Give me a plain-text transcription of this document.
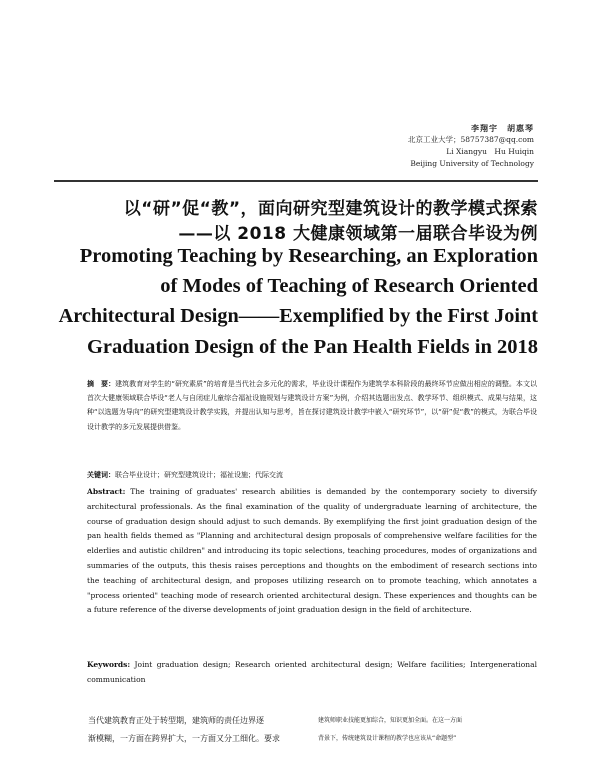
李翔宇　胡惠琴
北京工业大学；58757387@qq.com
Li Xiangyu　Hu Huiqin
Beijing University of Technology
以“研”促“教”，面向研究型建筑设计的教学模式探索
——以 2018 大健康领域第一届联合毕设为例
Promoting Teaching by Researching, an Exploration
of Modes of Teaching of Research Oriented
Architectural Design——Exemplified by the First Joint
Graduation Design of the Pan Health Fields in 2018
摘　要：建筑教育对学生的“研究素质”的培育是当代社会多元化的需求，毕业设计课程作为建筑学本科阶段的最终环节应做出相应的调整。本文以首次大健康领域联合毕设“老人与自闭症儿童综合福祉设施规划与建筑设计方案”为例，介绍其选题出发点、教学环节、组织模式、成果与结果，这种“以选题为导向”的研究型建筑设计教学实践，并提出认知与思考，旨在探讨建筑设计教学中嵌入“研究环节”，以“研”促“教”的模式，为联合毕设设计教学的多元发展提供借鉴。
关键词：联合毕业设计；研究型建筑设计；福祉设施；代际交流
Abstract: The training of graduates' research abilities is demanded by the contemporary society to diversify architectural professionals. As the final examination of the quality of undergraduate learning of architecture, the course of graduation design should adjust to such demands. By exemplifying the first joint graduation design of the pan health fields themed as "Planning and architectural design proposals of comprehensive welfare facilities for the elderlies and autistic children" and introducing its topic selections, teaching procedures, modes of organizations and summaries of the outputs, this thesis raises perceptions and thoughts on the embodiment of research sections into the teaching of architectural design, and proposes utilizing research on to promote teaching, which annotates a "process oriented" teaching mode of research oriented architectural design. These experiences and thoughts can be a future reference of the diverse developments of joint graduation design in the field of architecture.
Keywords: Joint graduation design; Research oriented architectural design; Welfare facilities; Intergenerational communication
当代建筑教育正处于转型期，建筑师的责任边界逐
渐模糊，一方面在跨界扩大，一方面又分工细化。要求
建筑师职业技能更加综合，知识更加全面。在这一方面
背景下，传统建筑设计课程的教学也应该从“命题型”
